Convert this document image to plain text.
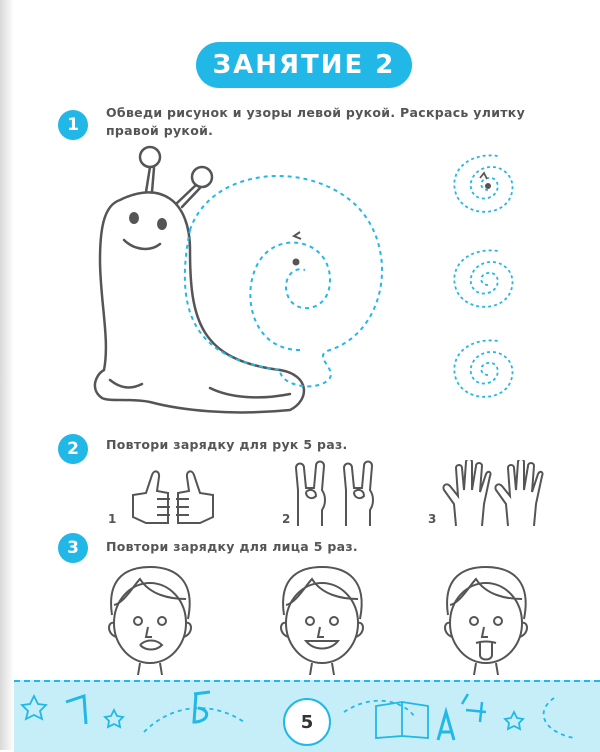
ЗАНЯТИЕ 2
1
Обведи рисунок и узоры левой рукой. Раскрась улитку правой рукой.
2	Повтори зарядку для рук 5 раз.
1	2	3
3	Повтори зарядку для лица 5 раз.
5
